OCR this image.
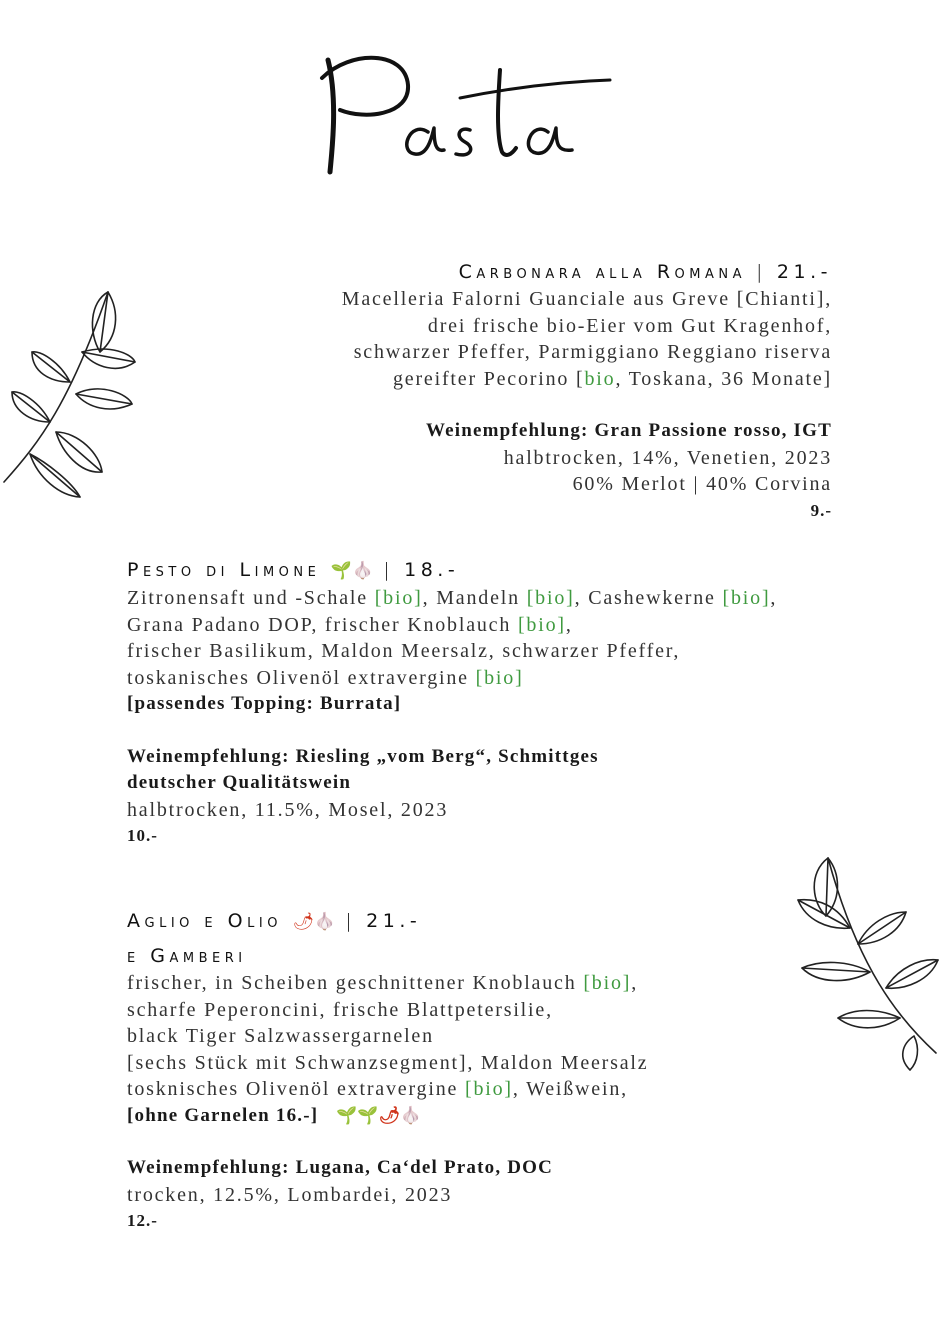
Carbonara alla Romana | 21.-
Macelleria Falorni Guanciale aus Greve [Chianti],
drei frische bio-Eier vom Gut Kragenhof,
schwarzer Pfeffer, Parmiggiano Reggiano riserva
gereifter Pecorino [bio, Toskana, 36 Monate]
Weinempfehlung: Gran Passione rosso, IGT
halbtrocken, 14%, Venetien, 2023
60% Merlot | 40% Corvina
9.-
Pesto di Limone 🌱🧄 | 18.-
Zitronensaft und -Schale [bio], Mandeln [bio], Cashewkerne [bio],
Grana Padano DOP, frischer Knoblauch [bio],
frischer Basilikum, Maldon Meersalz, schwarzer Pfeffer,
toskanisches Olivenöl extravergine [bio]
[passendes Topping: Burrata]
Weinempfehlung: Riesling „vom Berg“, Schmittges
deutscher Qualitätswein
halbtrocken, 11.5%, Mosel, 2023
10.-
Aglio e Olio 🌶🧄 | 21.-
e Gamberi
frischer, in Scheiben geschnittener Knoblauch [bio],
scharfe Peperoncini, frische Blattpetersilie,
black Tiger Salzwassergarnelen
[sechs Stück mit Schwanzsegment], Maldon Meersalz
tosknisches Olivenöl extravergine [bio], Weißwein,
[ohne Garnelen 16.-] 🌱🌱🌶🧄
Weinempfehlung: Lugana, Ca‘del Prato, DOC
trocken, 12.5%, Lombardei, 2023
12.-
